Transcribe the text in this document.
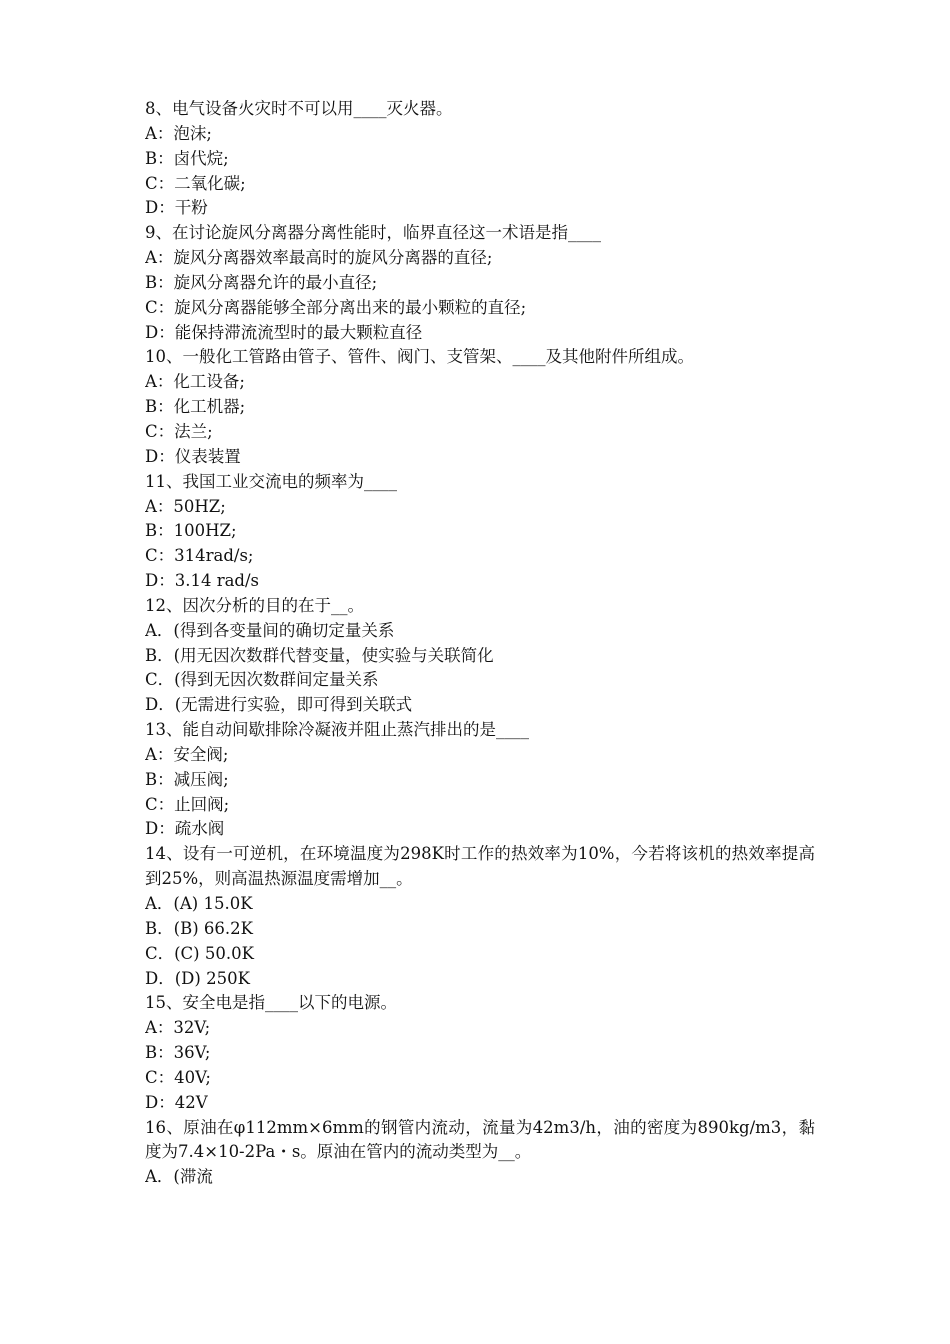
8、电气设备火灾时不可以用____灭火器。
A：泡沫;
B：卤代烷;
C：二氧化碳;
D：干粉
9、在讨论旋风分离器分离性能时，临界直径这一术语是指____
A：旋风分离器效率最高时的旋风分离器的直径;
B：旋风分离器允许的最小直径;
C：旋风分离器能够全部分离出来的最小颗粒的直径;
D：能保持滞流流型时的最大颗粒直径
10、一般化工管路由管子、管件、阀门、支管架、____及其他附件所组成。
A：化工设备;
B：化工机器;
C：法兰;
D：仪表装置
11、我国工业交流电的频率为____
A：50HZ;
B：100HZ;
C：314rad/s;
D：3.14 rad/s
12、因次分析的目的在于__。
A．(得到各变量间的确切定量关系
B．(用无因次数群代替变量，使实验与关联简化
C．(得到无因次数群间定量关系
D．(无需进行实验，即可得到关联式
13、能自动间歇排除冷凝液并阻止蒸汽排出的是____
A：安全阀;
B：减压阀;
C：止回阀;
D：疏水阀
14、设有一可逆机，在环境温度为298K时工作的热效率为10%，今若将该机的热效率提高到25%，则高温热源温度需增加__。
A．(A) 15.0K
B．(B) 66.2K
C．(C) 50.0K
D．(D) 250K
15、安全电是指____以下的电源。
A：32V;
B：36V;
C：40V;
D：42V
16、原油在φ112mm×6mm的钢管内流动，流量为42m3/h，油的密度为890kg/m3，黏度为7.4×10-2Pa・s。原油在管内的流动类型为__。
A．(滞流
